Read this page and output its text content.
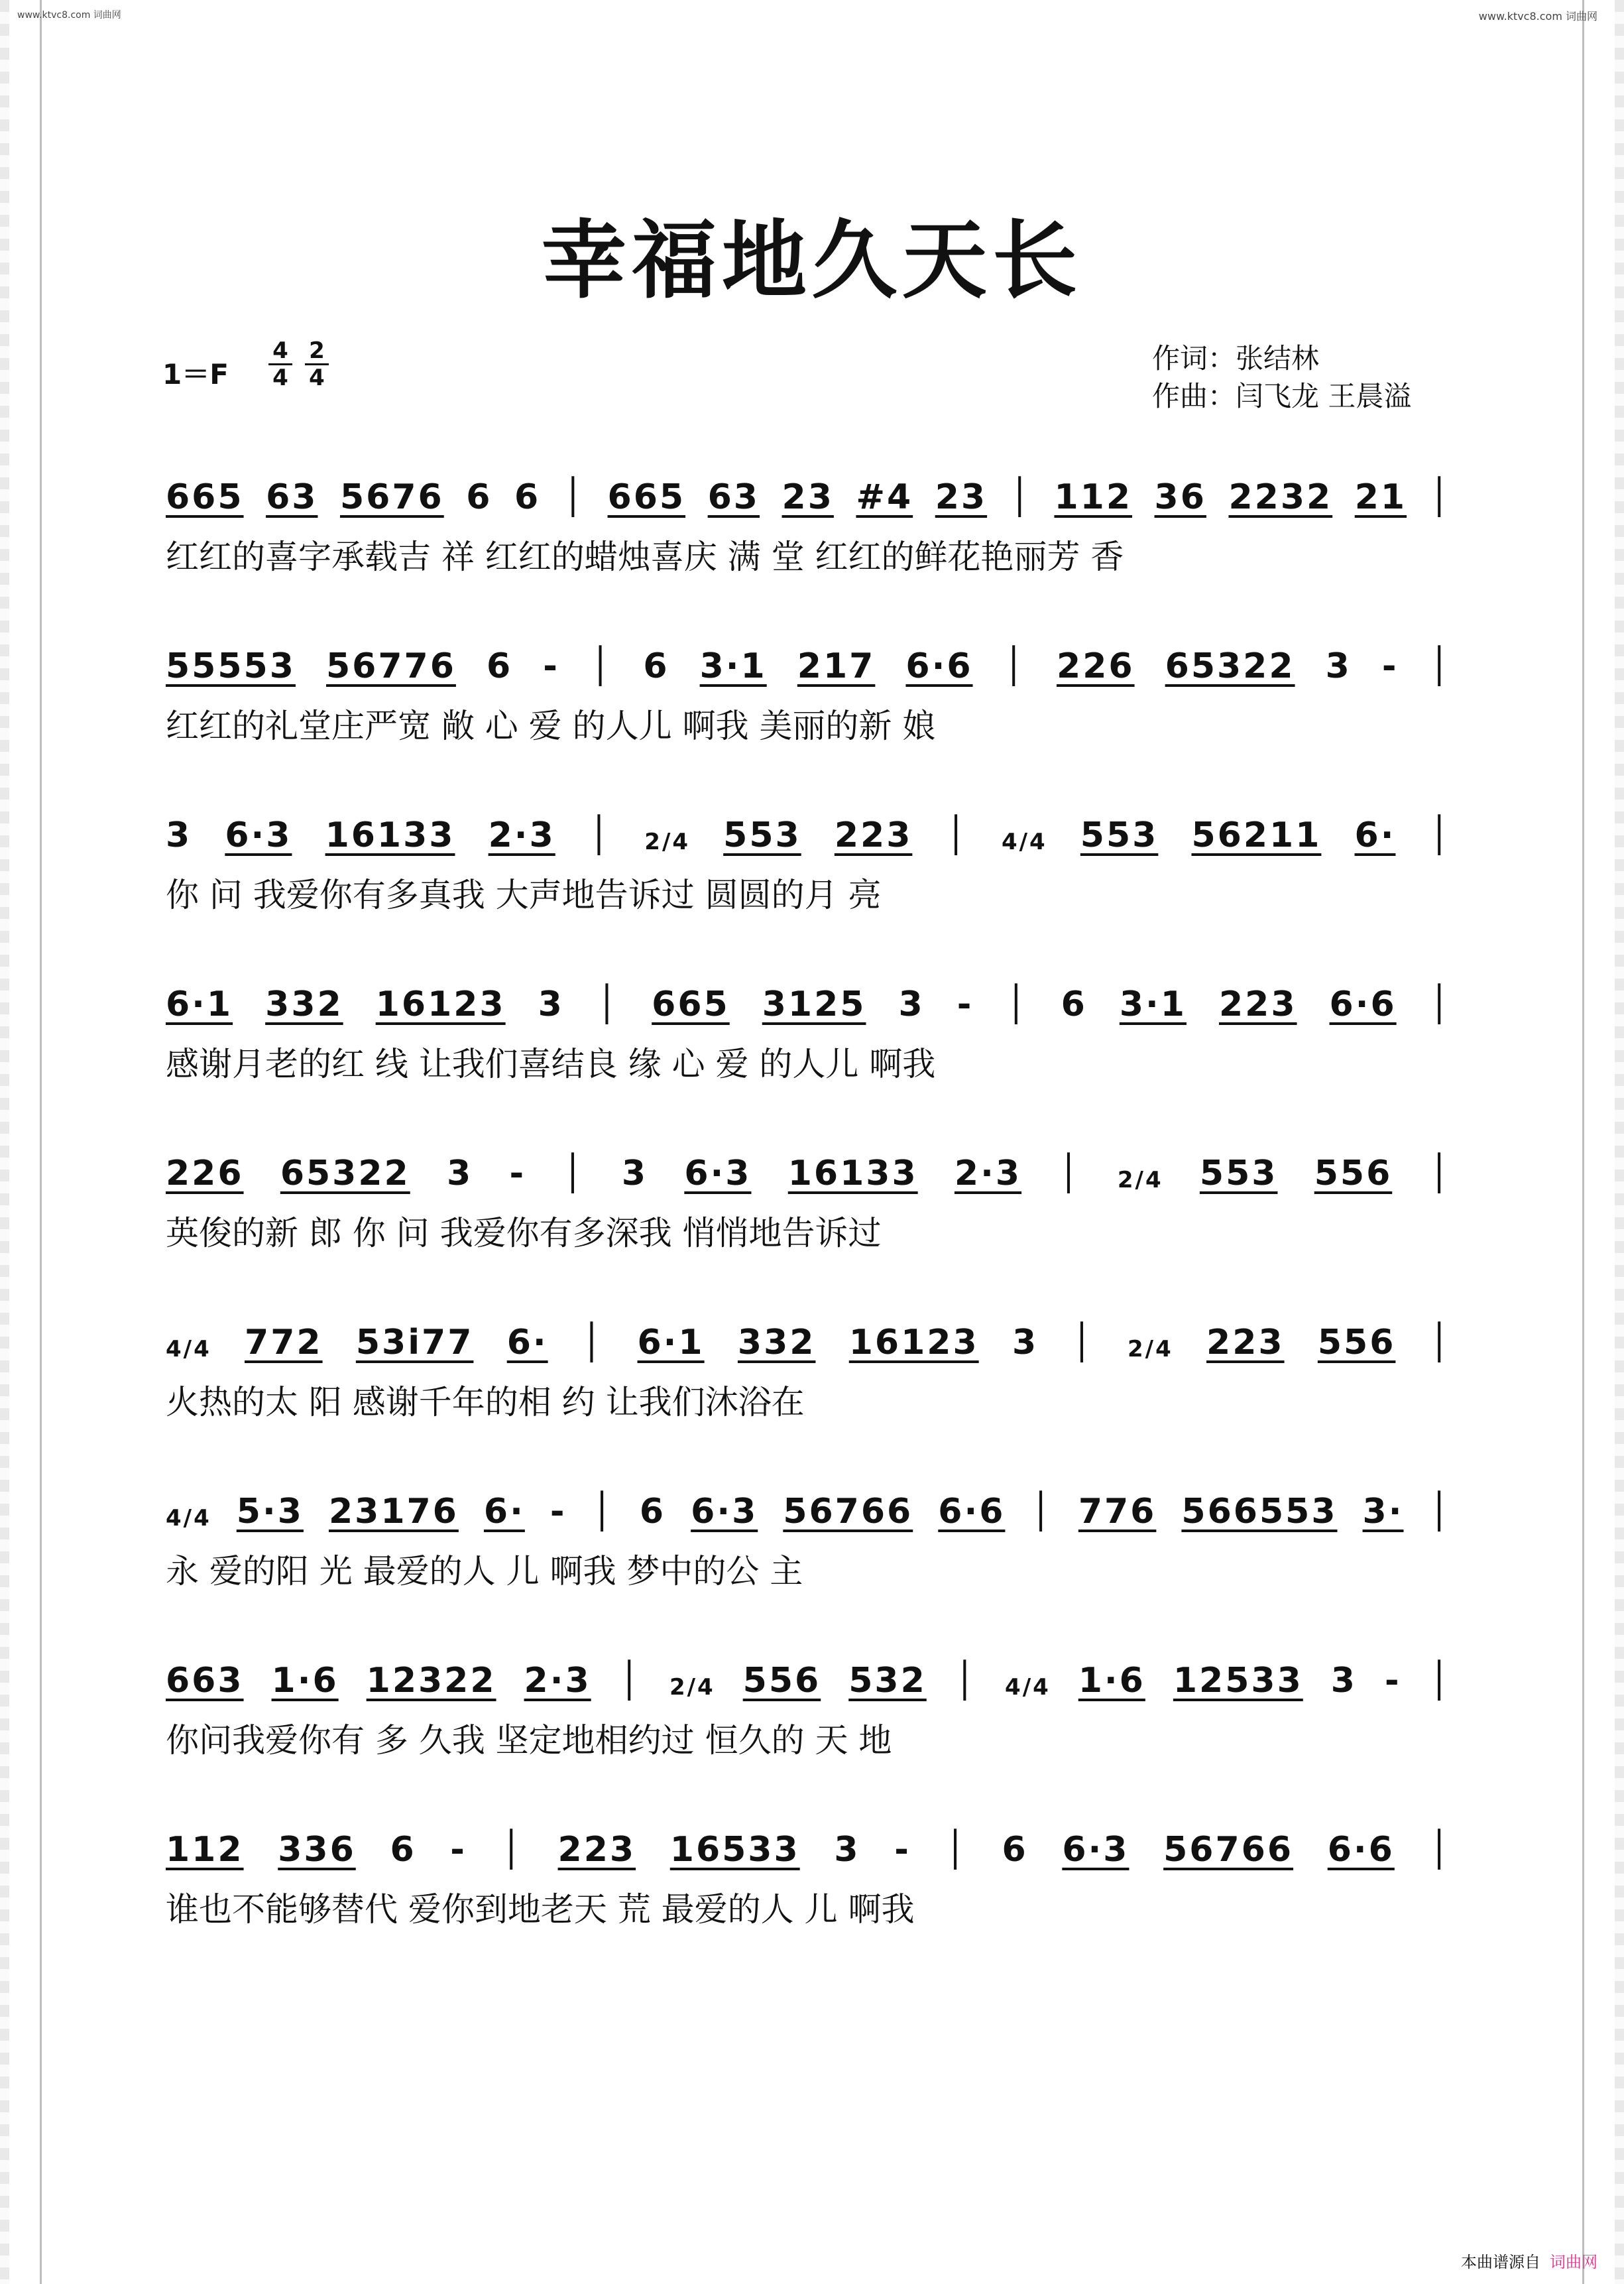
www.ktvc8.com 词曲网	www.ktvc8.com 词曲网
幸福地久天长
1＝F
4
4
2
4
作词：张结林
作曲：闫飞龙 王晨溢
665 63 5676 6 6 │ 665 63 23 #4 23 │ 112 36 2232 21 │
红红的喜字承载吉 祥 红红的蜡烛喜庆 满 堂 红红的鲜花艳丽芳 香
55553 56776 6 - │ 6 3·1 217 6·6 │ 226 65322 3 - │
红红的礼堂庄严宽 敞 心 爱 的人儿 啊我 美丽的新 娘
3 6·3 16133 2·3 │ 2/4 553 223 │ 4/4 553 56211 6· │
你 问 我爱你有多真我 大声地告诉过 圆圆的月 亮
6·1 332 16123 3 │ 665 3125 3 - │ 6 3·1 223 6·6 │
感谢月老的红 线 让我们喜结良 缘 心 爱 的人儿 啊我
226 65322 3 - │ 3 6·3 16133 2·3 │ 2/4 553 556 │
英俊的新 郎 你 问 我爱你有多深我 悄悄地告诉过
4/4 772 53i77 6· │ 6·1 332 16123 3 │ 2/4 223 556 │
火热的太 阳 感谢千年的相 约 让我们沐浴在
4/4 5·3 23176 6· - │ 6 6·3 56766 6·6 │ 776 566553 3· │
永 爱的阳 光 最爱的人 儿 啊我 梦中的公 主
663 1·6 12322 2·3 │ 2/4 556 532 │ 4/4 1·6 12533 3 - │
你问我爱你有 多 久我 坚定地相约过 恒久的 天 地
112 336 6 - │ 223 16533 3 - │ 6 6·3 56766 6·6 │
谁也不能够替代 爱你到地老天 荒 最爱的人 儿 啊我
本曲谱源自 词曲网
